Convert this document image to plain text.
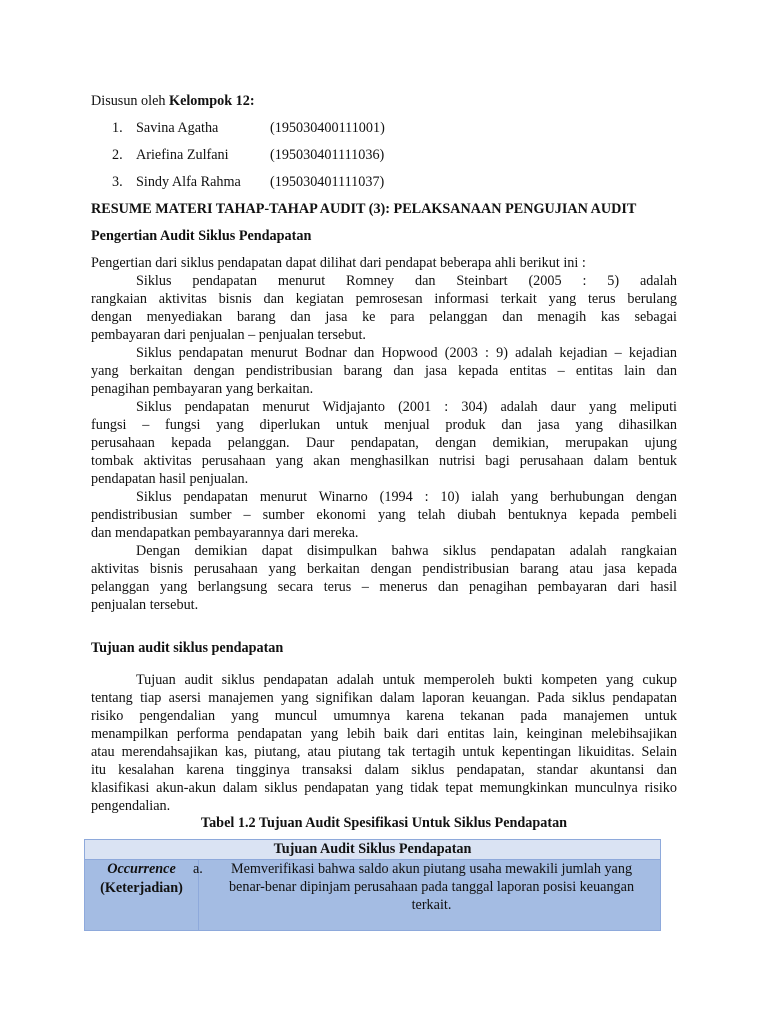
Disusun oleh Kelompok 12:
1. Savina Agatha	(195030400111001)
2. Ariefina Zulfani	(195030401111036)
3. Sindy Alfa Rahma (195030401111037)
RESUME MATERI TAHAP-TAHAP AUDIT (3): PELAKSANAAN PENGUJIAN AUDIT
Pengertian Audit Siklus Pendapatan
Pengertian dari siklus pendapatan dapat dilihat dari pendapat beberapa ahli berikut ini :
Siklus pendapatan menurut Romney dan Steinbart (2005 : 5) adalah
rangkaian aktivitas bisnis dan kegiatan pemrosesan informasi terkait yang terus berulang
dengan menyediakan barang dan jasa ke para pelanggan dan menagih kas sebagai
pembayaran dari penjualan – penjualan tersebut.
Siklus pendapatan menurut Bodnar dan Hopwood (2003 : 9) adalah kejadian – kejadian
yang berkaitan dengan pendistribusian barang dan jasa kepada entitas – entitas lain dan
penagihan pembayaran yang berkaitan.
Siklus pendapatan menurut Widjajanto (2001 : 304) adalah daur yang meliputi
fungsi – fungsi yang diperlukan untuk menjual produk dan jasa yang dihasilkan
perusahaan kepada pelanggan. Daur pendapatan, dengan demikian, merupakan ujung
tombak aktivitas perusahaan yang akan menghasilkan nutrisi bagi perusahaan dalam bentuk
pendapatan hasil penjualan.
Siklus pendapatan menurut Winarno (1994 : 10) ialah yang berhubungan dengan
pendistribusian sumber – sumber ekonomi yang telah diubah bentuknya kepada pembeli
dan mendapatkan pembayarannya dari mereka.
Dengan demikian dapat disimpulkan bahwa siklus pendapatan adalah rangkaian
aktivitas bisnis perusahaan yang berkaitan dengan pendistribusian barang atau jasa kepada
pelanggan yang berlangsung secara terus – menerus dan penagihan pembayaran dari hasil
penjualan tersebut.
Tujuan audit siklus pendapatan
Tujuan audit siklus pendapatan adalah untuk memperoleh bukti kompeten yang cukup
tentang tiap asersi manajemen yang signifikan dalam laporan keuangan. Pada siklus pendapatan
risiko pengendalian yang muncul umumnya karena tekanan pada manajemen untuk
menampilkan performa pendapatan yang lebih baik dari entitas lain, keinginan melebihsajikan
atau merendahsajikan kas, piutang, atau piutang tak tertagih untuk kepentingan likuiditas. Selain
itu kesalahan karena tingginya transaksi dalam siklus pendapatan, standar akuntansi dan
klasifikasi akun-akun dalam siklus pendapatan yang tidak tepat memungkinkan munculnya risiko
pengendalian.
Tabel 1.2 Tujuan Audit Spesifikasi Untuk Siklus Pendapatan
Tujuan Audit Siklus Pendapatan

Occurrence
(Keterjadian)

a.	Memverifikasi bahwa saldo akun piutang usaha mewakili jumlah yang
benar-benar dipinjam perusahaan pada tanggal laporan posisi keuangan
terkait.
